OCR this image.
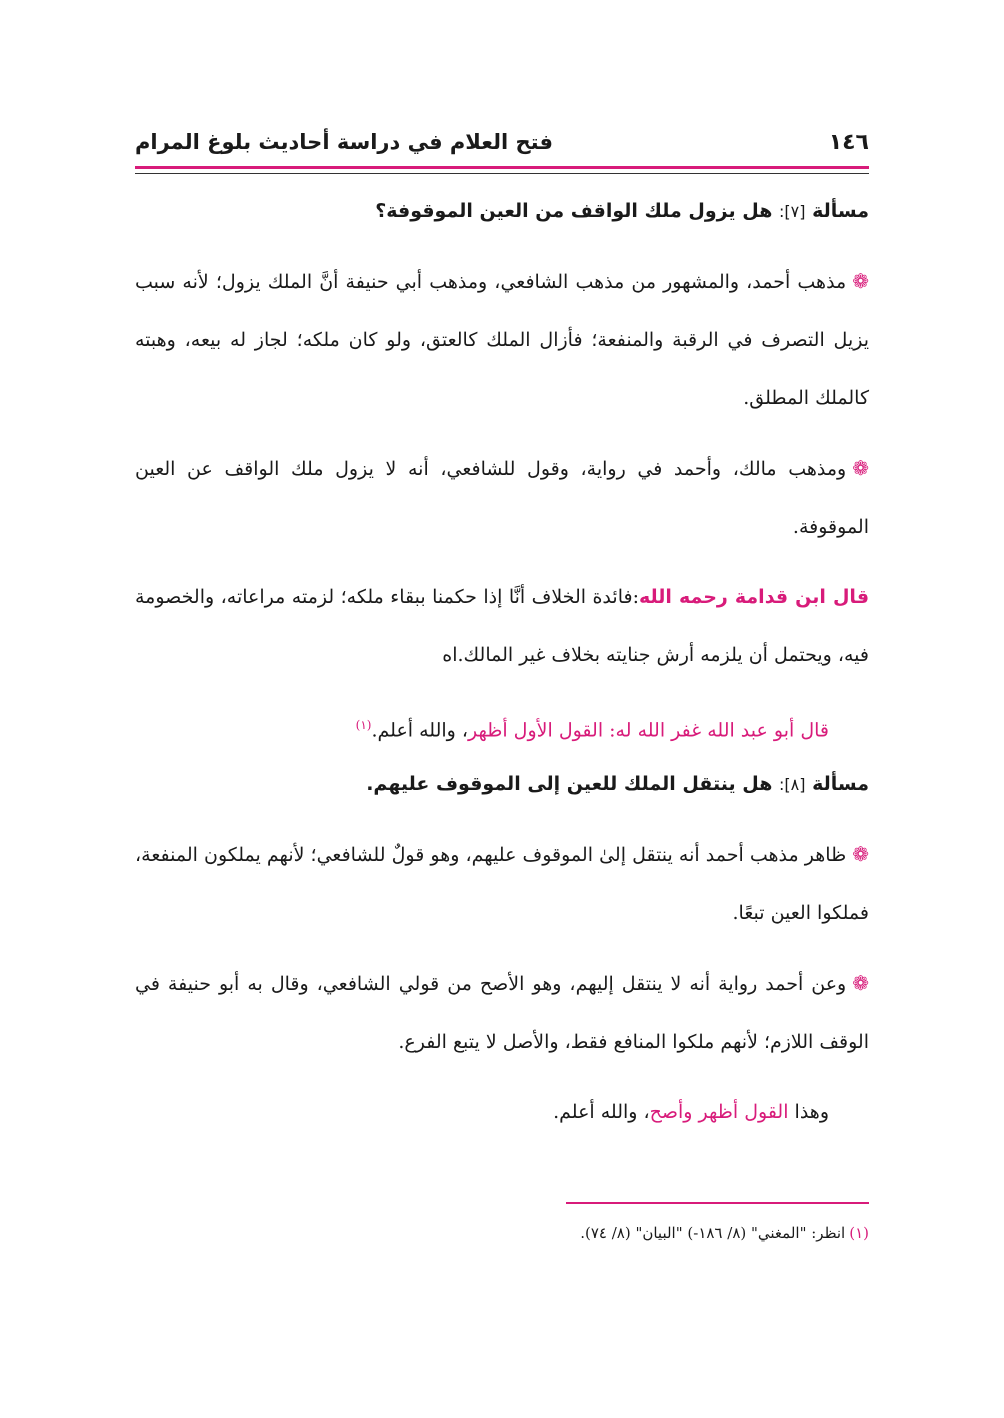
١٤٦
فتح العلام في دراسة أحاديث بلوغ المرام
مسألة [٧]: هل يزول ملك الواقف من العين الموقوفة؟
❁مذهب أحمد، والمشهور من مذهب الشافعي، ومذهب أبي حنيفة أنَّ الملك يزول؛ لأنه سبب يزيل التصرف في الرقبة والمنفعة؛ فأزال الملك كالعتق، ولو كان ملكه؛ لجاز له بيعه، وهبته كالملك المطلق.
❁ومذهب مالك، وأحمد في رواية، وقول للشافعي، أنه لا يزول ملك الواقف عن العين الموقوفة.
قال ابن قدامة رحمه الله:فائدة الخلاف أنَّا إذا حكمنا ببقاء ملكه؛ لزمته مراعاته، والخصومة فيه، ويحتمل أن يلزمه أرش جنايته بخلاف غير المالك.اه
قال أبو عبد الله غفر الله له: القول الأول أظهر، والله أعلم.$^{(١)}$
مسألة [٨]: هل ينتقل الملك للعين إلى الموقوف عليهم.
❁ظاهر مذهب أحمد أنه ينتقل إلىٰ الموقوف عليهم، وهو قولٌ للشافعي؛ لأنهم يملكون المنفعة، فملكوا العين تبعًا.
❁وعن أحمد رواية أنه لا ينتقل إليهم، وهو الأصح من قولي الشافعي، وقال به أبو حنيفة في الوقف اللازم؛ لأنهم ملكوا المنافع فقط، والأصل لا يتبع الفرع.
وهذا القول أظهر وأصح، والله أعلم.
(١)انظر: "المغني" (٨/ ١٨٦-) "البيان" (٨/ ٧٤).
